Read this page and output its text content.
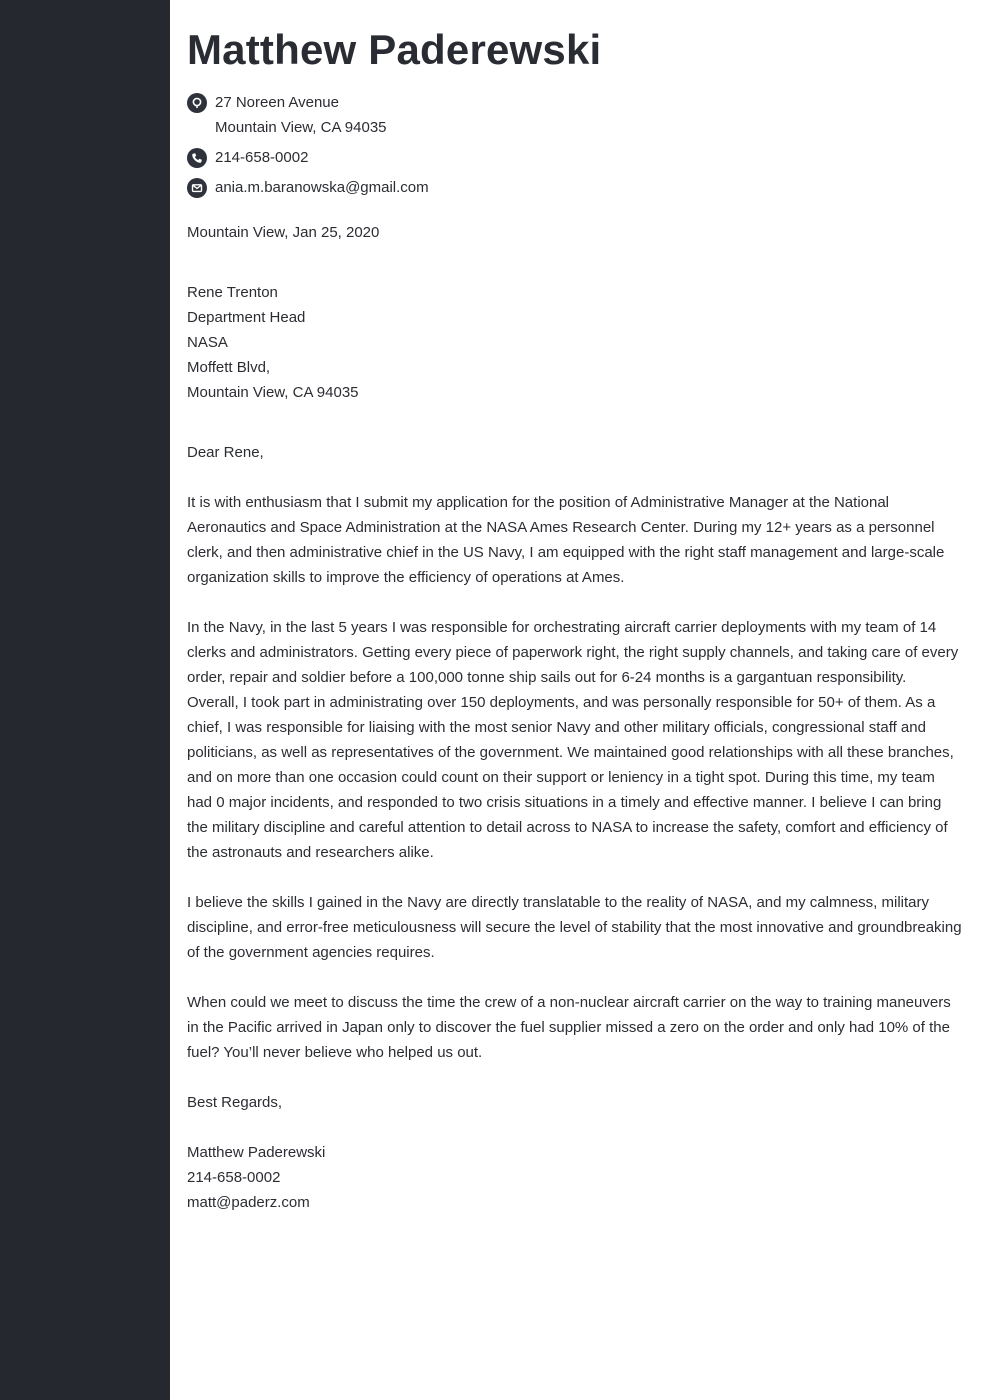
Matthew Paderewski
27 Noreen Avenue
Mountain View, CA 94035
214-658-0002
ania.m.baranowska@gmail.com

Mountain View, Jan 25, 2020

Rene Trenton
Department Head
NASA
Moffett Blvd,
Mountain View, CA 94035

Dear Rene,

It is with enthusiasm that I submit my application for the position of Administrative Manager at the National Aeronautics and Space Administration at the NASA Ames Research Center. During my 12+ years as a personnel clerk, and then administrative chief in the US Navy, I am equipped with the right staff management and large-scale organization skills to improve the efficiency of operations at Ames.

In the Navy, in the last 5 years I was responsible for orchestrating aircraft carrier deployments with my team of 14 clerks and administrators. Getting every piece of paperwork right, the right supply channels, and taking care of every order, repair and soldier before a 100,000 tonne ship sails out for 6-24 months is a gargantuan responsibility. Overall, I took part in administrating over 150 deployments, and was personally responsible for 50+ of them. As a chief, I was responsible for liaising with the most senior Navy and other military officials, congressional staff and politicians, as well as representatives of the government. We maintained good relationships with all these branches, and on more than one occasion could count on their support or leniency in a tight spot. During this time, my team had 0 major incidents, and responded to two crisis situations in a timely and effective manner. I believe I can bring the military discipline and careful attention to detail across to NASA to increase the safety, comfort and efficiency of the astronauts and researchers alike.

I believe the skills I gained in the Navy are directly translatable to the reality of NASA, and my calmness, military discipline, and error-free meticulousness will secure the level of stability that the most innovative and groundbreaking of the government agencies requires.

When could we meet to discuss the time the crew of a non-nuclear aircraft carrier on the way to training maneuvers in the Pacific arrived in Japan only to discover the fuel supplier missed a zero on the order and only had 10% of the fuel? You’ll never believe who helped us out.

Best Regards,

Matthew Paderewski
214-658-0002
matt@paderz.com
